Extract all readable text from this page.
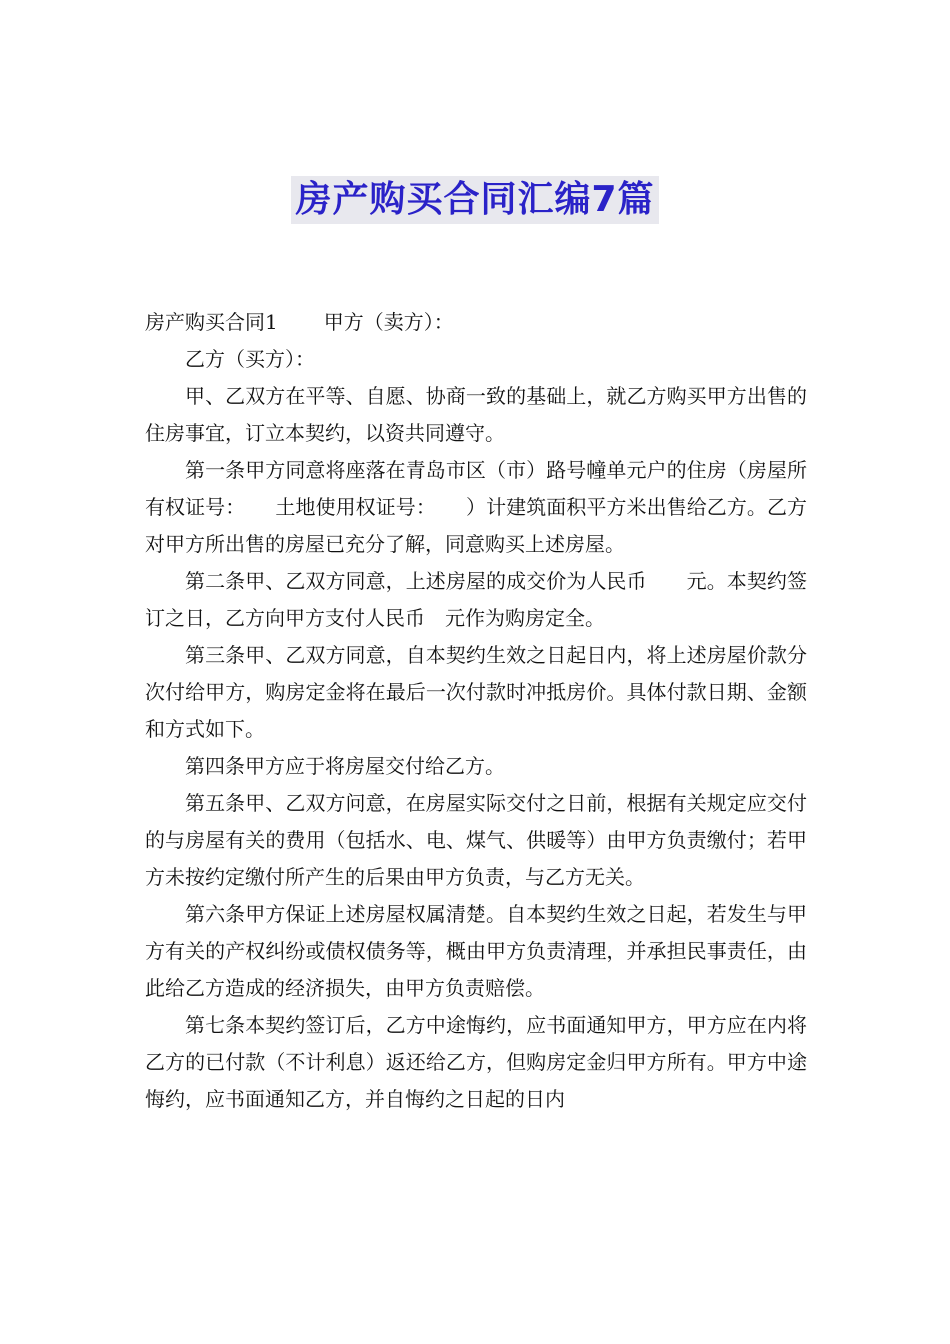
房产购买合同汇编7篇

房产购买合同1 甲方（卖方）：

乙方（买方）：

甲、乙双方在平等、自愿、协商一致的基础上，就乙方购买甲方出售的住房事宜，订立本契约，以资共同遵守。

第一条甲方同意将座落在青岛市区（市）路号幢单元户的住房（房屋所有权证号：　　土地使用权证号：　　）计建筑面积平方米出售给乙方。乙方对甲方所出售的房屋已充分了解，同意购买上述房屋。

第二条甲、乙双方同意，上述房屋的成交价为人民币　　元。本契约签订之日，乙方向甲方支付人民币　元作为购房定全。

第三条甲、乙双方同意，自本契约生效之日起日内，将上述房屋价款分次付给甲方，购房定金将在最后一次付款时冲抵房价。具体付款日期、金额和方式如下。

第四条甲方应于将房屋交付给乙方。

第五条甲、乙双方问意，在房屋实际交付之日前，根据有关规定应交付的与房屋有关的费用（包括水、电、煤气、供暖等）由甲方负责缴付；若甲方未按约定缴付所产生的后果由甲方负责，与乙方无关。

第六条甲方保证上述房屋权属清楚。自本契约生效之日起，若发生与甲方有关的产权纠纷或债权债务等，概由甲方负责清理，并承担民事责任，由此给乙方造成的经济损失，由甲方负责赔偿。

第七条本契约签订后，乙方中途悔约，应书面通知甲方，甲方应在内将乙方的已付款（不计利息）返还给乙方，但购房定金归甲方所有。甲方中途悔约，应书面通知乙方，并自悔约之日起的日内
